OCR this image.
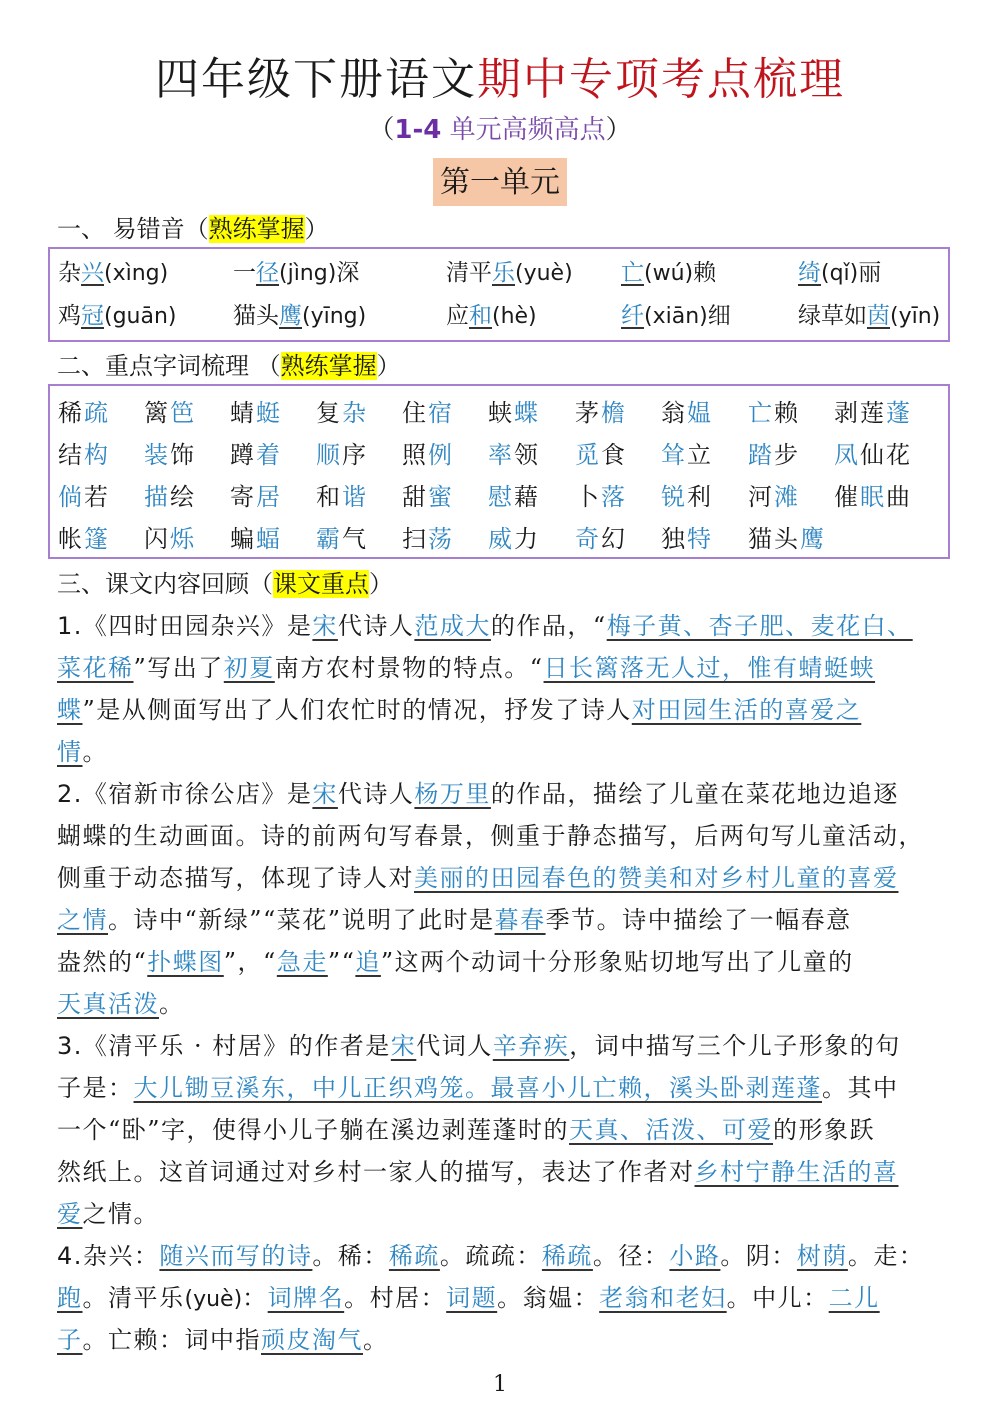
四年级下册语文期中专项考点梳理
（1-4 单元高频高点）
第一单元
一、 易错音（熟练掌握）
杂兴(xìng)	一径(jìng)深	清平乐(yuè) 亡(wú)赖	绮(qǐ)丽
鸡冠(guān) 猫头鹰(yīng)	应和(hè)	纤(xiān)细	绿草如茵(yīn)
二、重点字词梳理 （熟练掌握）
稀疏 篱笆 蜻蜓 复杂 住宿 蛱蝶 茅檐 翁媪 亡赖 剥莲蓬
结构 装饰 蹲着 顺序 照例 率领 觅食 耸立 踏步 凤仙花
倘若 描绘 寄居 和谐 甜蜜 慰藉 卜落 锐利 河滩 催眠曲
帐篷 闪烁 蝙蝠 霸气 扫荡 威力 奇幻 独特 猫头鹰
三、课文内容回顾（课文重点）
1.《四时田园杂兴》是宋代诗人范成大的作品，“梅子黄、杏子肥、麦花白、
菜花稀”写出了初夏南方农村景物的特点。“日长篱落无人过，惟有蜻蜓蛱
蝶”是从侧面写出了人们农忙时的情况，抒发了诗人对田园生活的喜爱之
情。
2.《宿新市徐公店》是宋代诗人杨万里的作品，描绘了儿童在菜花地边追逐
蝴蝶的生动画面。诗的前两句写春景，侧重于静态描写，后两句写儿童活动，
侧重于动态描写，体现了诗人对美丽的田园春色的赞美和对乡村儿童的喜爱
之情。诗中“新绿”“菜花”说明了此时是暮春季节。诗中描绘了一幅春意
盎然的“扑蝶图”，“急走”“追”这两个动词十分形象贴切地写出了儿童的
天真活泼。
3.《清平乐 · 村居》的作者是宋代词人辛弃疾，词中描写三个儿子形象的句
子是：大儿锄豆溪东，中儿正织鸡笼。最喜小儿亡赖，溪头卧剥莲蓬。其中
一个“卧”字，使得小儿子躺在溪边剥莲蓬时的天真、活泼、可爱的形象跃
然纸上。这首词通过对乡村一家人的描写，表达了作者对乡村宁静生活的喜
爱之情。
4.杂兴：随兴而写的诗。稀：稀疏。疏疏：稀疏。径：小路。阴：树荫。走：
跑。清平乐(yuè)：词牌名。村居：词题。翁媪：老翁和老妇。中儿：二儿
子。亡赖：词中指顽皮淘气。
1
